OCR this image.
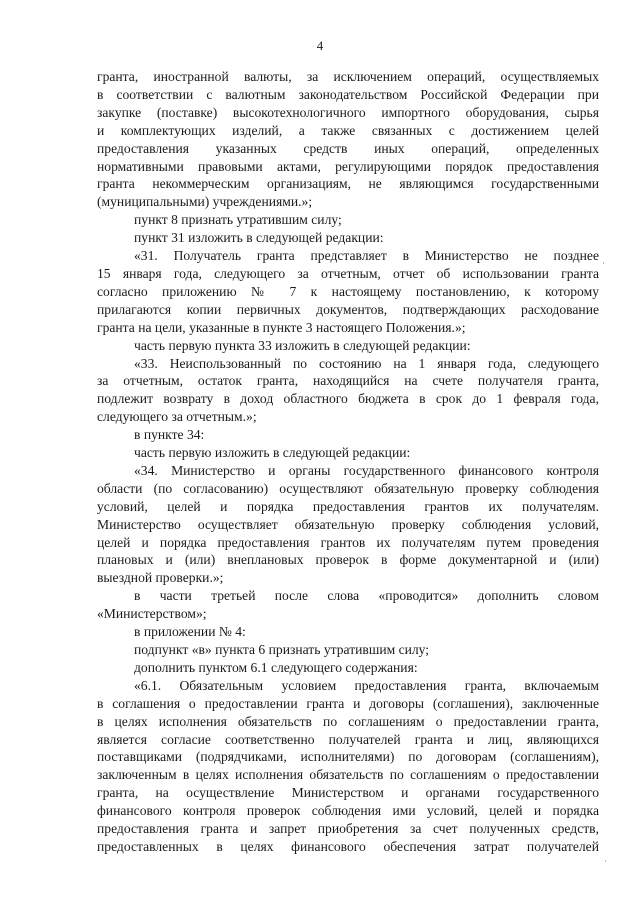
4
гранта, иностранной валюты, за исключением операций, осуществляемых
в соответствии с валютным законодательством Российской Федерации при
закупке (поставке) высокотехнологичного импортного оборудования, сырья
и комплектующих изделий, а также связанных с достижением целей
предоставления указанных средств иных операций, определенных
нормативными правовыми актами, регулирующими порядок предоставления
гранта некоммерческим организациям, не являющимся государственными
(муниципальными) учреждениями.»;
пункт 8 признать утратившим силу;
пункт 31 изложить в следующей редакции:
«31. Получатель гранта представляет в Министерство не позднее
15 января года, следующего за отчетным, отчет об использовании гранта
согласно приложению № 7 к настоящему постановлению, к которому
прилагаются копии первичных документов, подтверждающих расходование
гранта на цели, указанные в пункте 3 настоящего Положения.»;
часть первую пункта 33 изложить в следующей редакции:
«33. Неиспользованный по состоянию на 1 января года, следующего
за отчетным, остаток гранта, находящийся на счете получателя гранта,
подлежит возврату в доход областного бюджета в срок до 1 февраля года,
следующего за отчетным.»;
в пункте 34:
часть первую изложить в следующей редакции:
«34. Министерство и органы государственного финансового контроля
области (по согласованию) осуществляют обязательную проверку соблюдения
условий, целей и порядка предоставления грантов их получателям.
Министерство осуществляет обязательную проверку соблюдения условий,
целей и порядка предоставления грантов их получателям путем проведения
плановых и (или) внеплановых проверок в форме документарной и (или)
выездной проверки.»;
в части третьей после слова «проводится» дополнить словом
«Министерством»;
в приложении № 4:
подпункт «в» пункта 6 признать утратившим силу;
дополнить пунктом 6.1 следующего содержания:
«6.1. Обязательным условием предоставления гранта, включаемым
в соглашения о предоставлении гранта и договоры (соглашения), заключенные
в целях исполнения обязательств по соглашениям о предоставлении гранта,
является согласие соответственно получателей гранта и лиц, являющихся
поставщиками (подрядчиками, исполнителями) по договорам (соглашениям),
заключенным в целях исполнения обязательств по соглашениям о предоставлении
гранта, на осуществление Министерством и органами государственного
финансового контроля проверок соблюдения ими условий, целей и порядка
предоставления гранта и запрет приобретения за счет полученных средств,
предоставленных в целях финансового обеспечения затрат получателей
